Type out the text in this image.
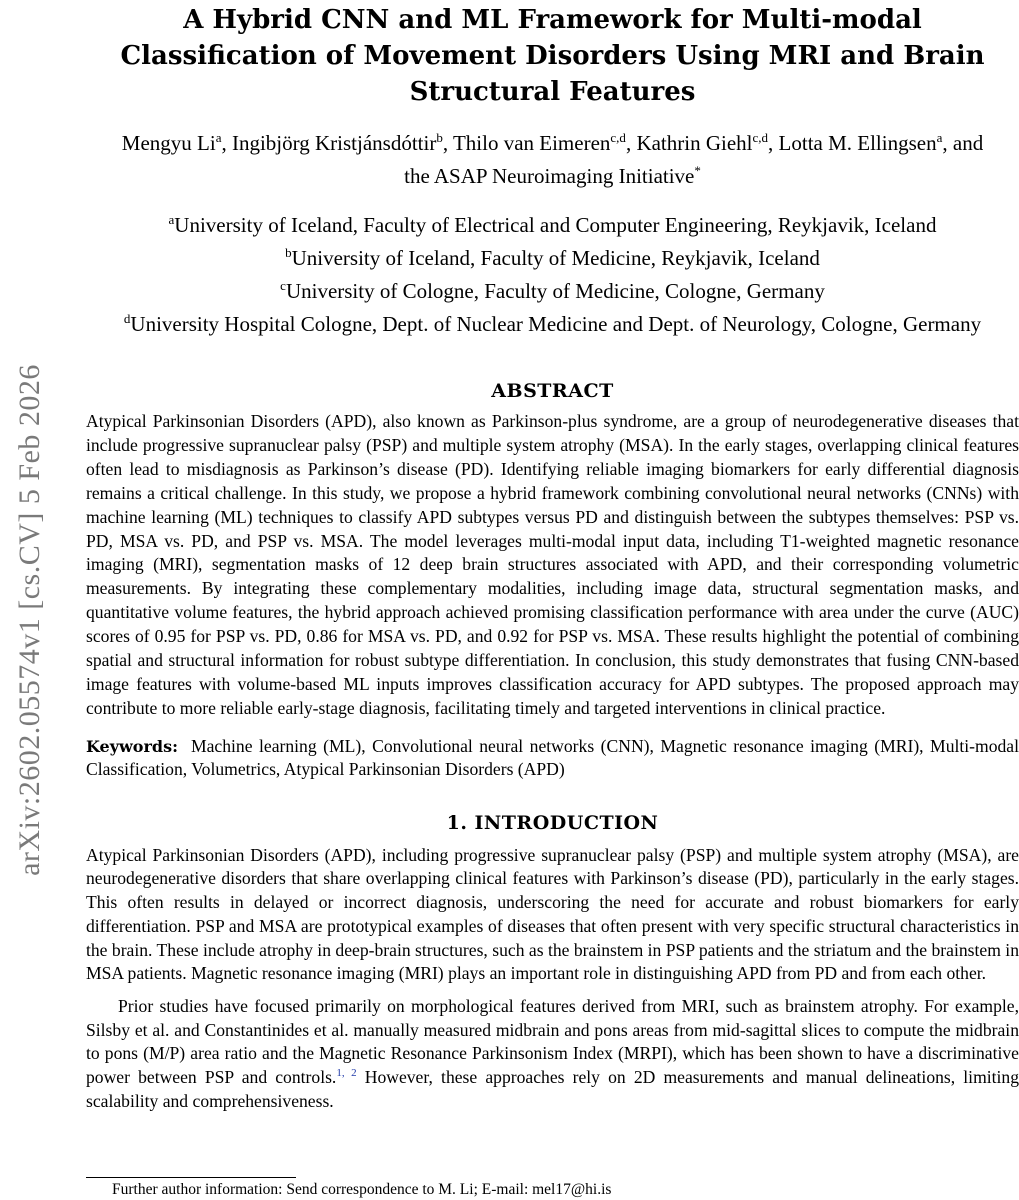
arXiv:2602.05574v1 [cs.CV] 5 Feb 2026
A Hybrid CNN and ML Framework for Multi-modal
Classification of Movement Disorders Using MRI and Brain
Structural Features
Mengyu Li$^a$, Ingibjörg Kristjánsdóttir$^b$, Thilo van Eimeren$^{c,d}$, Kathrin Giehl$^{c,d}$, Lotta M. Ellingsen$^a$, and the ASAP Neuroimaging Initiative*
$^a$University of Iceland, Faculty of Electrical and Computer Engineering, Reykjavik, Iceland
$^b$University of Iceland, Faculty of Medicine, Reykjavik, Iceland
$^c$University of Cologne, Faculty of Medicine, Cologne, Germany
$^d$University Hospital Cologne, Dept. of Nuclear Medicine and Dept. of Neurology, Cologne, Germany
ABSTRACT

Atypical Parkinsonian Disorders (APD), also known as Parkinson-plus syndrome, are a group of neurodegenerative diseases that include progressive supranuclear palsy (PSP) and multiple system atrophy (MSA). In the early stages, overlapping clinical features often lead to misdiagnosis as Parkinson’s disease (PD). Identifying reliable imaging biomarkers for early differential diagnosis remains a critical challenge. In this study, we propose a hybrid framework combining convolutional neural networks (CNNs) with machine learning (ML) techniques to classify APD subtypes versus PD and distinguish between the subtypes themselves: PSP vs. PD, MSA vs. PD, and PSP vs. MSA. The model leverages multi-modal input data, including T1-weighted magnetic resonance imaging (MRI), segmentation masks of 12 deep brain structures associated with APD, and their corresponding volumetric measurements. By integrating these complementary modalities, including image data, structural segmentation masks, and quantitative volume features, the hybrid approach achieved promising classification performance with area under the curve (AUC) scores of 0.95 for PSP vs. PD, 0.86 for MSA vs. PD, and 0.92 for PSP vs. MSA. These results highlight the potential of combining spatial and structural information for robust subtype differentiation. In conclusion, this study demonstrates that fusing CNN-based image features with volume-based ML inputs improves classification accuracy for APD subtypes. The proposed approach may contribute to more reliable early-stage diagnosis, facilitating timely and targeted interventions in clinical practice.

Keywords: Machine learning (ML), Convolutional neural networks (CNN), Magnetic resonance imaging (MRI), Multi-modal Classification, Volumetrics, Atypical Parkinsonian Disorders (APD)

1. INTRODUCTION

Atypical Parkinsonian Disorders (APD), including progressive supranuclear palsy (PSP) and multiple system atrophy (MSA), are neurodegenerative disorders that share overlapping clinical features with Parkinson’s disease (PD), particularly in the early stages. This often results in delayed or incorrect diagnosis, underscoring the need for accurate and robust biomarkers for early differentiation. PSP and MSA are prototypical examples of diseases that often present with very specific structural characteristics in the brain. These include atrophy in deep-brain structures, such as the brainstem in PSP patients and the striatum and the brainstem in MSA patients. Magnetic resonance imaging (MRI) plays an important role in distinguishing APD from PD and from each other.

Prior studies have focused primarily on morphological features derived from MRI, such as brainstem atrophy. For example, Silsby et al. and Constantinides et al. manually measured midbrain and pons areas from mid-sagittal slices to compute the midbrain to pons (M/P) area ratio and the Magnetic Resonance Parkinsonism Index (MRPI), which has been shown to have a discriminative power between PSP and controls.$^{1, 2}$ However, these approaches rely on 2D measurements and manual delineations, limiting scalability and comprehensiveness.

Further author information: Send correspondence to M. Li; E-mail: mel17@hi.is
